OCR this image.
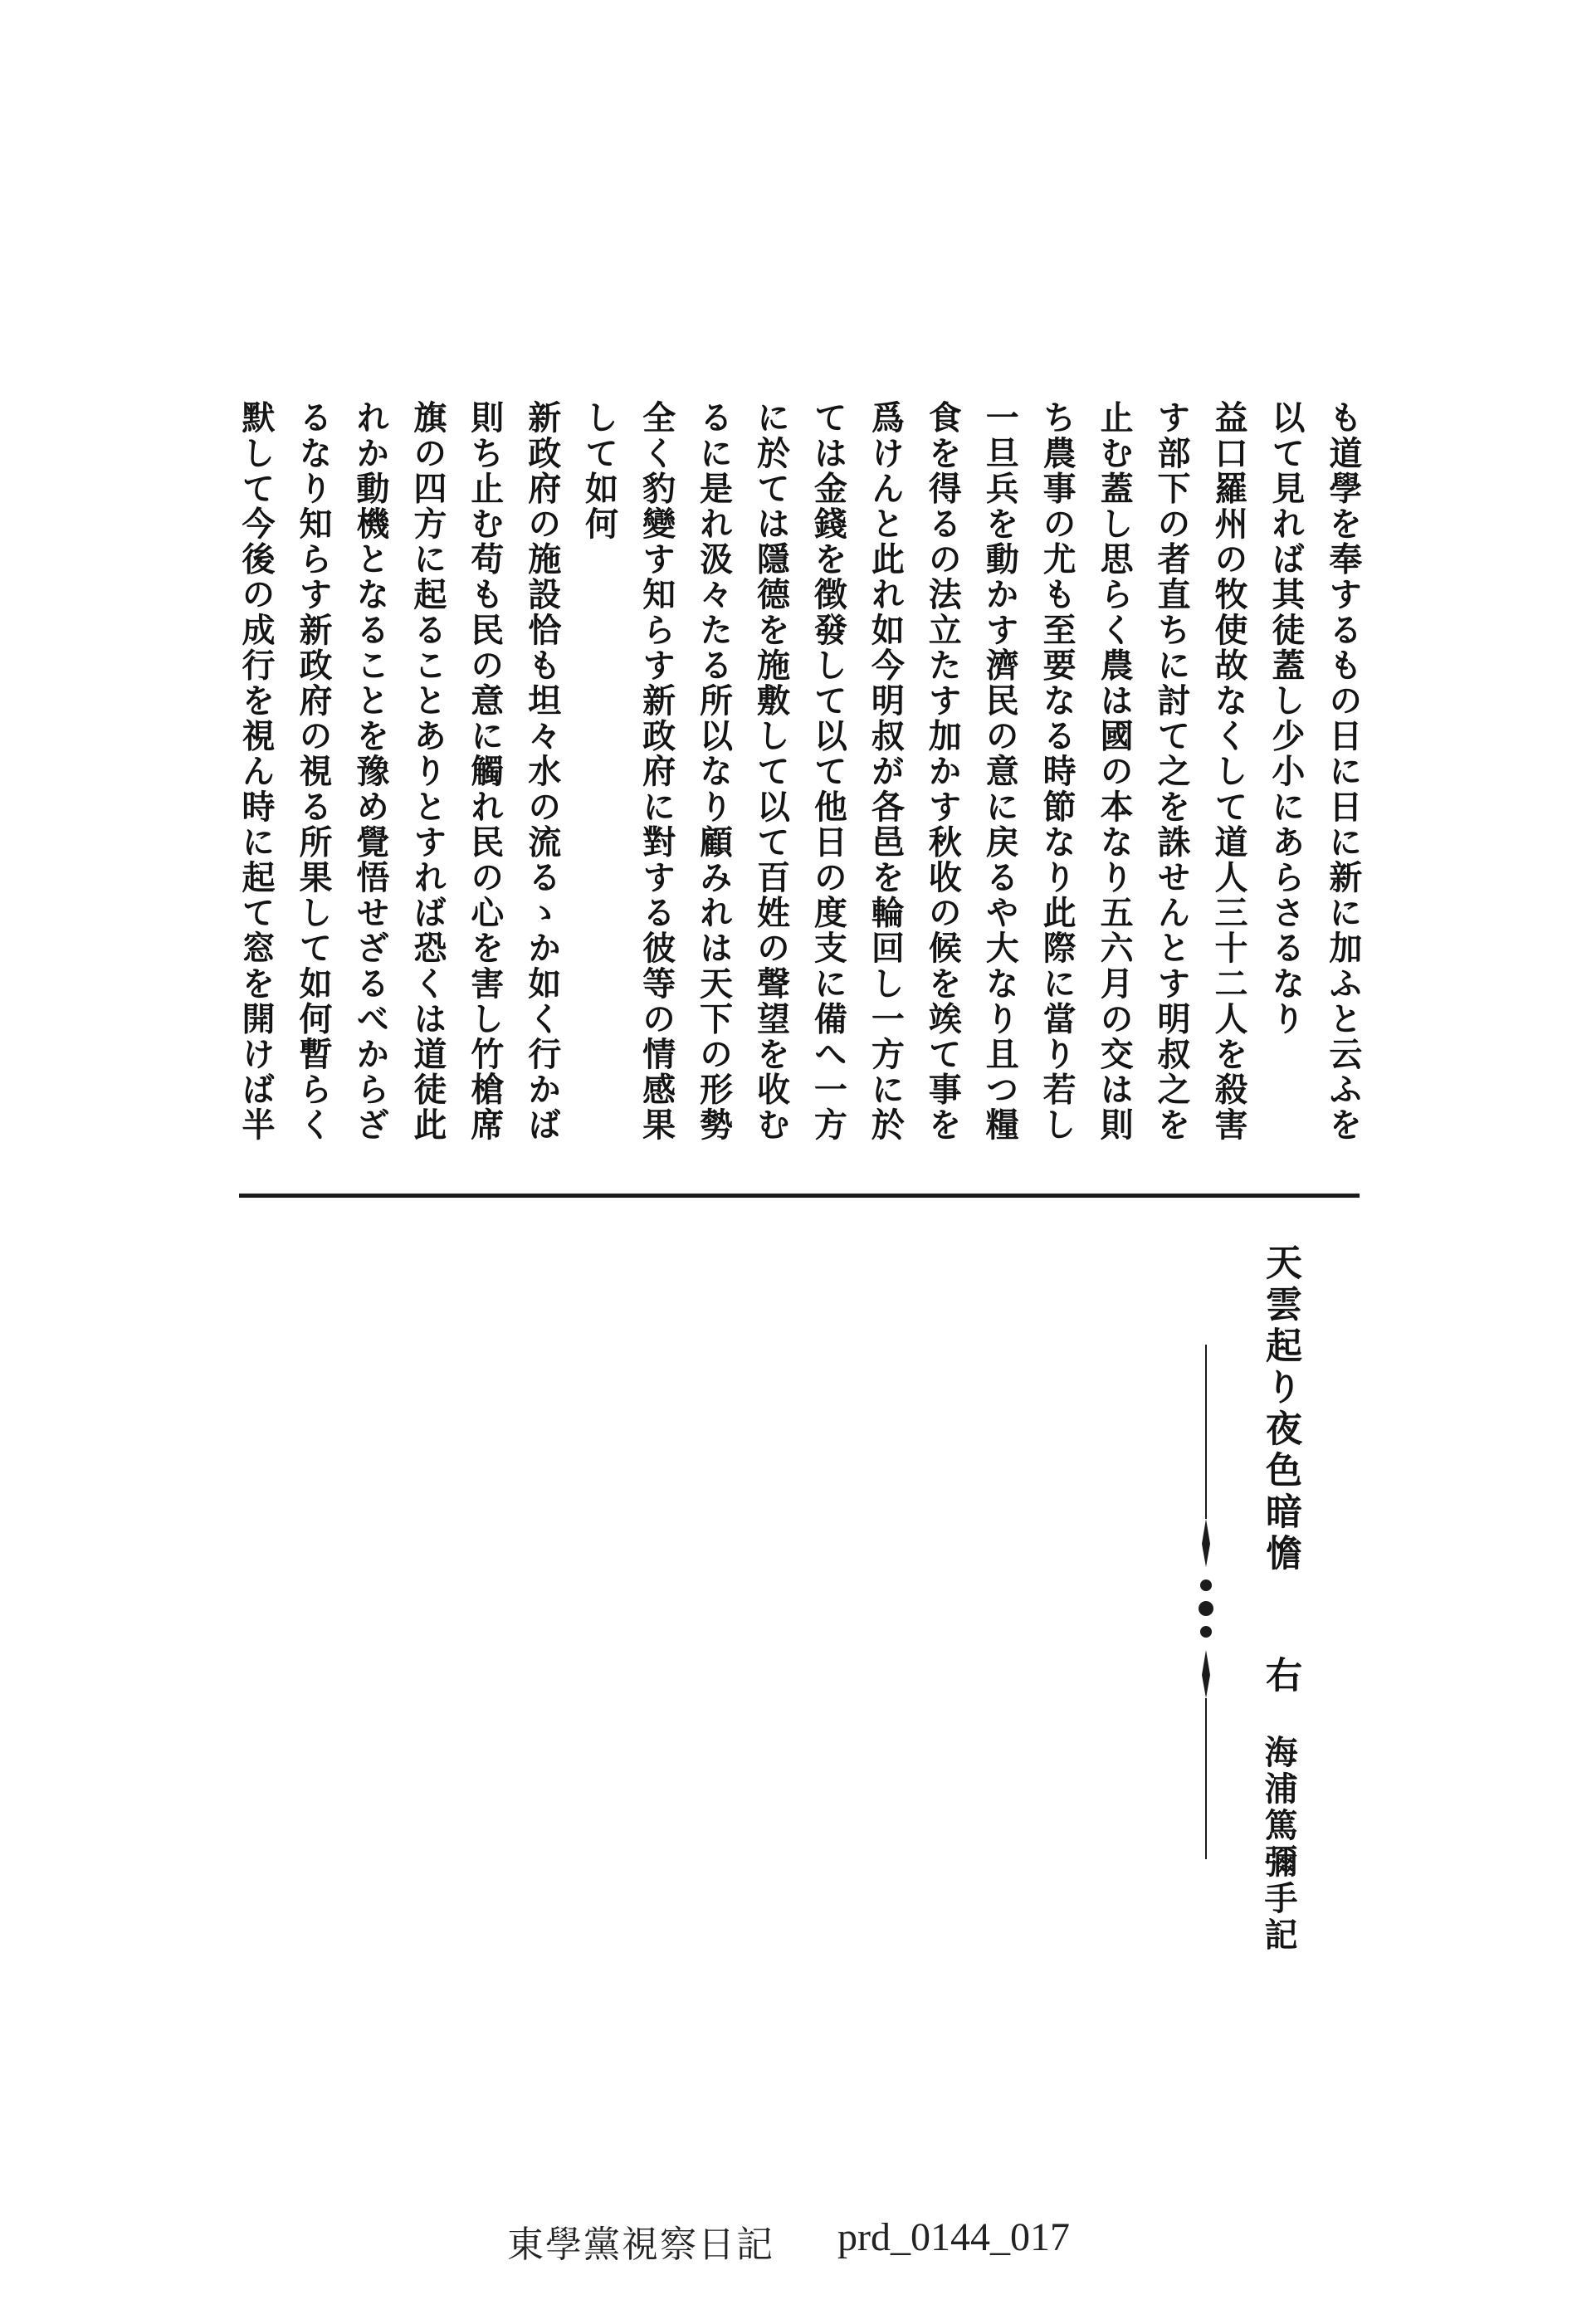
も道學を奉するもの日に日に新に加ふと云ふを
以て見れば其徒蓋し少小にあらさるなり
益口羅州の牧使故なくして道人三十二人を殺害
す部下の者直ちに討て之を誅せんとす明叔之を
止む蓋し思らく農は國の本なり五六月の交は則
ち農事の尤も至要なる時節なり此際に當り若し
一旦兵を動かす濟民の意に戻るや大なり且つ糧
食を得るの法立たす加かす秋收の候を竢て事を
爲けんと此れ如今明叔が各邑を輪回し一方に於
ては金錢を徴發して以て他日の度支に備へ一方
に於ては隱德を施敷して以て百姓の聲望を收む
るに是れ汲々たる所以なり顧みれは天下の形勢
全く豹變す知らす新政府に對する彼等の情感果
して如何
新政府の施設恰も坦々水の流るゝか如く行かば
則ち止む苟も民の意に觸れ民の心を害し竹槍席
旗の四方に起ることありとすれば恐くは道徒此
れか動機となることを豫め覺悟せざるべからざ
るなり知らす新政府の視る所果して如何暫らく
默して今後の成行を視ん時に起て窓を開けば半
天雲起り夜色暗憺
右
海浦篤彌手記
東學黨視察日記 prd_0144_017
